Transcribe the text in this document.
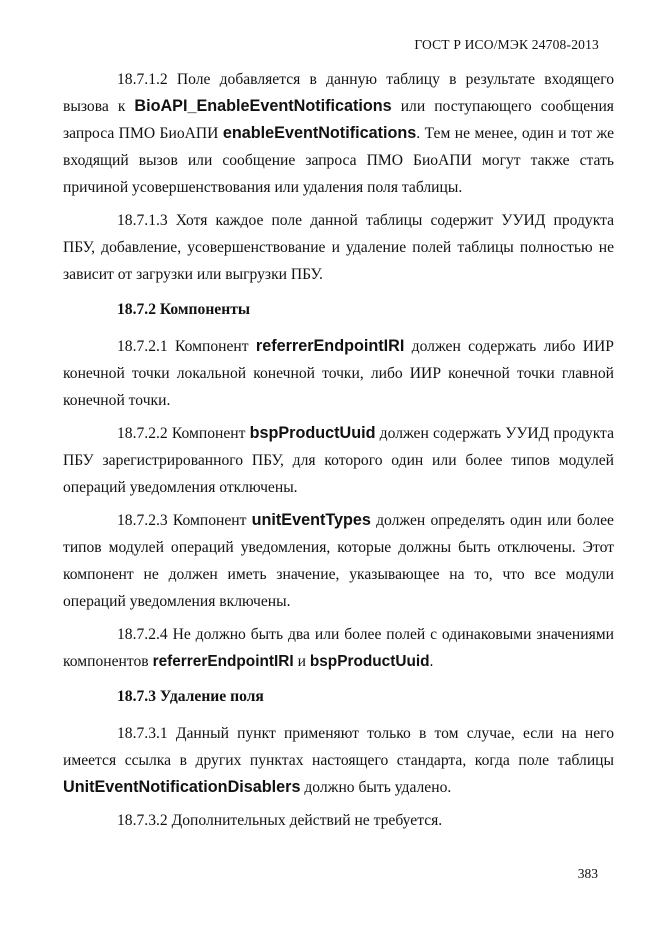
ГОСТ Р ИСО/МЭК 24708-2013

18.7.1.2 Поле добавляется в данную таблицу в результате входящего вызова к BioAPI_EnableEventNotifications или поступающего сообщения запроса ПМО БиоАПИ enableEventNotifications. Тем не менее, один и тот же входящий вызов или сообщение запроса ПМО БиоАПИ могут также стать причиной усовершенствования или удаления поля таблицы.

18.7.1.3 Хотя каждое поле данной таблицы содержит УУИД продукта ПБУ, добавление, усовершенствование и удаление полей таблицы полностью не зависит от загрузки или выгрузки ПБУ.

18.7.2 Компоненты

18.7.2.1 Компонент referrerEndpointIRI должен содержать либо ИИР конечной точки локальной конечной точки, либо ИИР конечной точки главной конечной точки.

18.7.2.2 Компонент bspProductUuid должен содержать УУИД продукта ПБУ зарегистрированного ПБУ, для которого один или более типов модулей операций уведомления отключены.

18.7.2.3 Компонент unitEventTypes должен определять один или более типов модулей операций уведомления, которые должны быть отключены. Этот компонент не должен иметь значение, указывающее на то, что все модули операций уведомления включены.

18.7.2.4 Не должно быть два или более полей с одинаковыми значениями компонентов referrerEndpointIRI и bspProductUuid.

18.7.3 Удаление поля

18.7.3.1 Данный пункт применяют только в том случае, если на него имеется ссылка в других пунктах настоящего стандарта, когда поле таблицы UnitEventNotificationDisablers должно быть удалено.

18.7.3.2 Дополнительных действий не требуется.

383
